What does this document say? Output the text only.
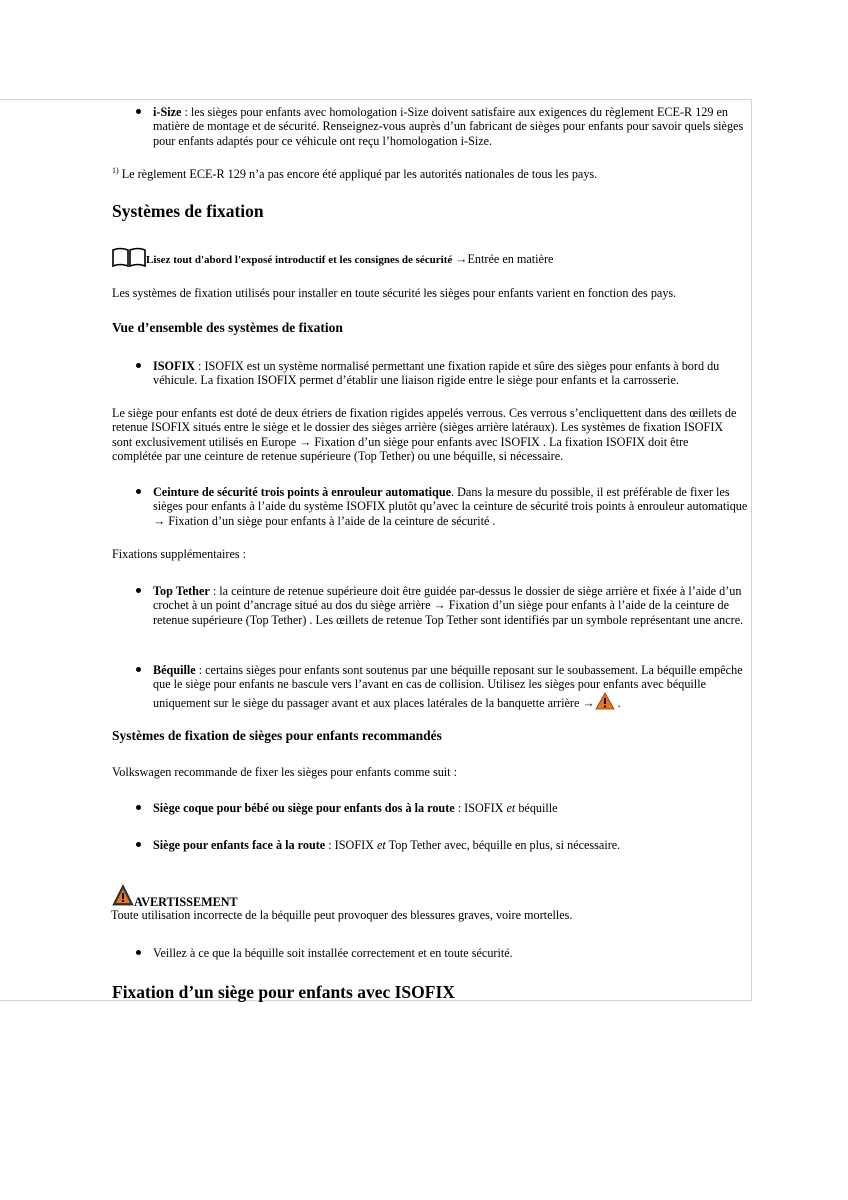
i-Size : les sièges pour enfants avec homologation i-Size doivent satisfaire aux exigences du règlement ECE-R 129 en matière de montage et de sécurité. Renseignez-vous auprès d’un fabricant de sièges pour enfants pour savoir quels sièges pour enfants adaptés pour ce véhicule ont reçu l’homologation i-Size.
$^{1)}$ Le règlement ECE-R 129 n’a pas encore été appliqué par les autorités nationales de tous les pays.
Systèmes de fixation
Lisez tout d'abord l'exposé introductif et les consignes de sécurité →Entrée en matière
Les systèmes de fixation utilisés pour installer en toute sécurité les sièges pour enfants varient en fonction des pays.
Vue d’ensemble des systèmes de fixation
ISOFIX : ISOFIX est un système normalisé permettant une fixation rapide et sûre des sièges pour enfants à bord du véhicule. La fixation ISOFIX permet d’établir une liaison rigide entre le siège pour enfants et la carrosserie.
Le siège pour enfants est doté de deux étriers de fixation rigides appelés verrous. Ces verrous s’encliquettent dans des œillets de retenue ISOFIX situés entre le siège et le dossier des sièges arrière (sièges arrière latéraux). Les systèmes de fixation ISOFIX sont exclusivement utilisés en Europe → Fixation d’un siège pour enfants avec ISOFIX . La fixation ISOFIX doit être complétée par une ceinture de retenue supérieure (Top Tether) ou une béquille, si nécessaire.
Ceinture de sécurité trois points à enrouleur automatique. Dans la mesure du possible, il est préférable de fixer les sièges pour enfants à l’aide du système ISOFIX plutôt qu’avec la ceinture de sécurité trois points à enrouleur automatique → Fixation d’un siège pour enfants à l’aide de la ceinture de sécurité .
Fixations supplémentaires :
Top Tether : la ceinture de retenue supérieure doit être guidée par-dessus le dossier de siège arrière et fixée à l’aide d’un crochet à un point d’ancrage situé au dos du siège arrière → Fixation d’un siège pour enfants à l’aide de la ceinture de retenue supérieure (Top Tether) . Les œillets de retenue Top Tether sont identifiés par un symbole représentant une ancre.
Béquille : certains sièges pour enfants sont soutenus par une béquille reposant sur le soubassement. La béquille empêche que le siège pour enfants ne bascule vers l’avant en cas de collision. Utilisez les sièges pour enfants avec béquille uniquement sur le siège du passager avant et aux places latérales de la banquette arrière → .
Systèmes de fixation de sièges pour enfants recommandés
Volkswagen recommande de fixer les sièges pour enfants comme suit :
Siège coque pour bébé ou siège pour enfants dos à la route : ISOFIX et béquille
Siège pour enfants face à la route : ISOFIX et Top Tether avec, béquille en plus, si nécessaire.
AVERTISSEMENT
Toute utilisation incorrecte de la béquille peut provoquer des blessures graves, voire mortelles.
Veillez à ce que la béquille soit installée correctement et en toute sécurité.
Fixation d’un siège pour enfants avec ISOFIX
